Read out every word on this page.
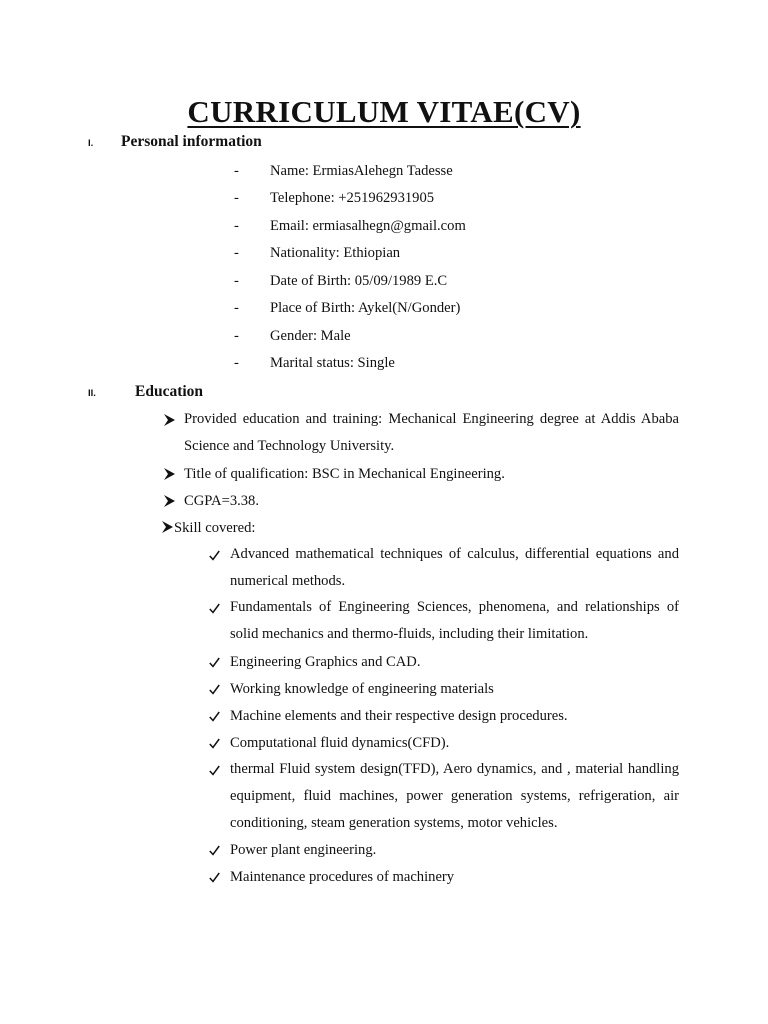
CURRICULUM VITAE(CV)
I. Personal information
- Name: ErmiasAlehegn Tadesse
- Telephone: +251962931905
- Email: ermiasalhegn@gmail.com
- Nationality: Ethiopian
- Date of Birth: 05/09/1989 E.C
- Place of Birth: Aykel(N/Gonder)
- Gender: Male
- Marital status: Single
II.	Education
Provided education and training: Mechanical Engineering degree at Addis Ababa Science and Technology University.
Title of qualification: BSC in Mechanical Engineering.
CGPA=3.38.
Skill covered:
Advanced mathematical techniques of calculus, differential equations and numerical methods.
Fundamentals of Engineering Sciences, phenomena, and relationships of solid mechanics and thermo-fluids, including their limitation.
Engineering Graphics and CAD.
Working knowledge of engineering materials
Machine elements and their respective design procedures.
Computational fluid dynamics(CFD).
thermal Fluid system design(TFD), Aero dynamics, and , material handling equipment, fluid machines, power generation systems, refrigeration, air conditioning, steam generation systems, motor vehicles.
Power plant engineering.
Maintenance procedures of machinery
